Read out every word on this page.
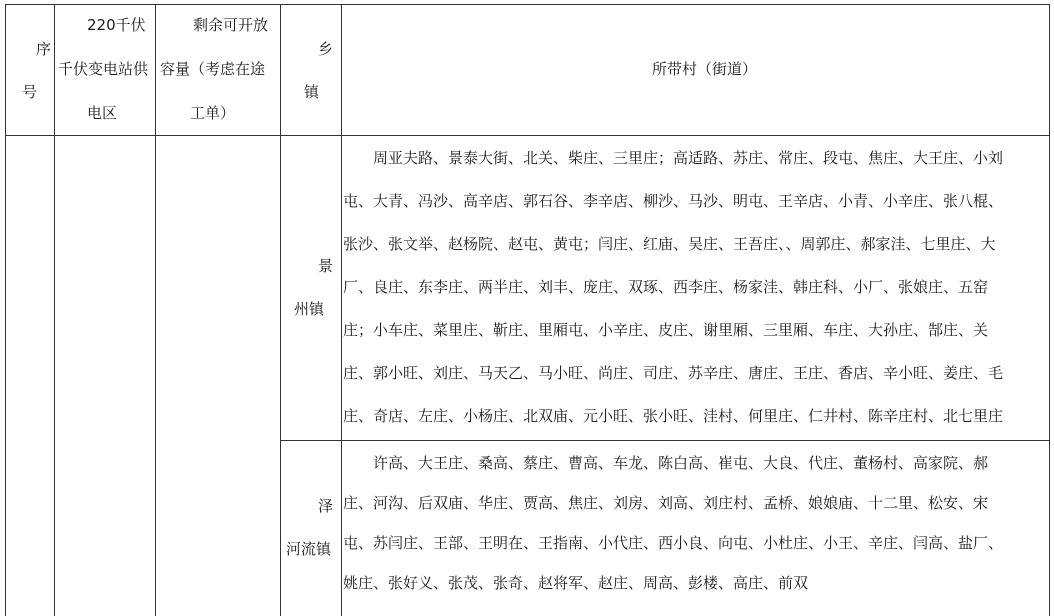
序
号
220千伏
千伏变电站供
电区
剩余可开放
容量（考虑在途
工单）
乡
镇
所带村（街道）
景
州镇
周亚夫路、景泰大街、北关、柴庄、三里庄；高适路、苏庄、常庄、段屯、焦庄、大王庄、小刘
屯、大青、冯沙、高辛店、郭石谷、李辛店、柳沙、马沙、明屯、王辛店、小青、小辛庄、张八棍、
张沙、张文举、赵杨院、赵屯、黄屯；闫庄、红庙、吴庄、王吾庄、、周郭庄、郝家洼、七里庄、大
厂、良庄、东李庄、两半庄、刘丰、庞庄、双琢、西李庄、杨家洼、韩庄科、小厂、张娘庄、五窑
庄；小车庄、菜里庄、靳庄、里厢屯、小辛庄、皮庄、谢里厢、三里厢、车庄、大孙庄、郜庄、关
庄、郭小旺、刘庄、马天乙、马小旺、尚庄、司庄、苏辛庄、唐庄、王庄、香店、辛小旺、姜庄、毛
庄、奇店、左庄、小杨庄、北双庙、元小旺、张小旺、洼村、何里庄、仁井村、陈辛庄村、北七里庄
泽
河流镇
许高、大王庄、桑高、蔡庄、曹高、车龙、陈白高、崔屯、大良、代庄、董杨村、高家院、郝
庄、河沟、后双庙、华庄、贾高、焦庄、刘房、刘高、刘庄村、孟桥、娘娘庙、十二里、松安、宋
屯、苏闫庄、王部、王明在、王指南、小代庄、西小良、向屯、小杜庄、小王、辛庄、闫高、盐厂、
姚庄、张好义、张茂、张奇、赵将军、赵庄、周高、彭楼、高庄、前双
